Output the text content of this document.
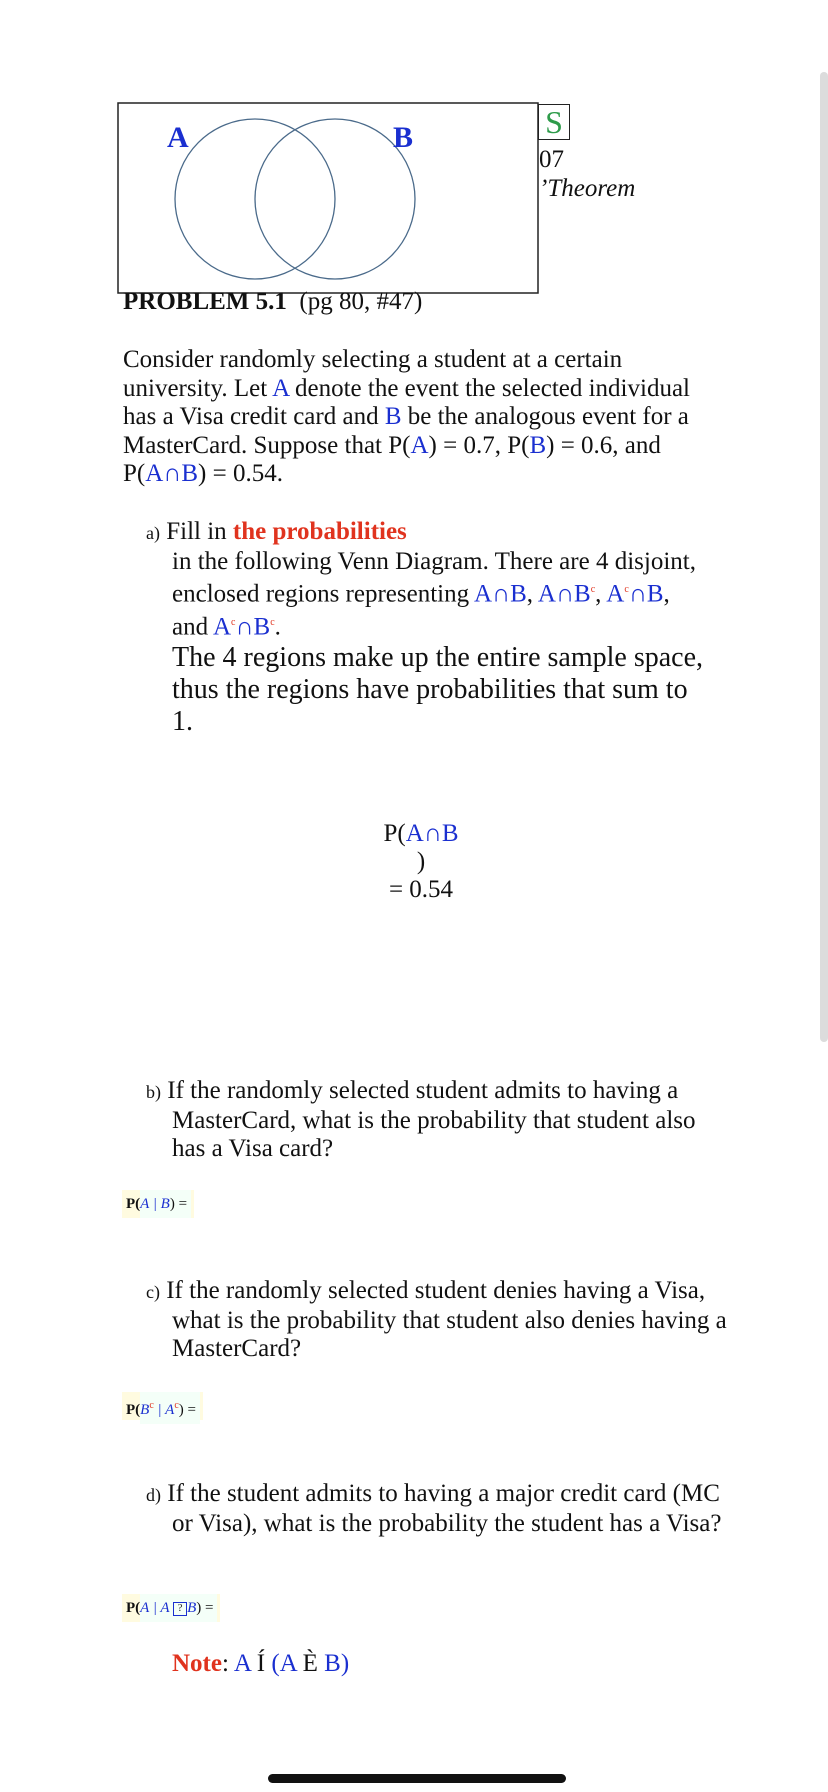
A	B	S
07
’Theorem
PROBLEM 5.1 (pg 80, #47)
Consider randomly selecting a student at a certain university. Let A denote the event the selected individual has a Visa credit card and B be the analogous event for a MasterCard. Suppose that P(A) = 0.7, P(B) = 0.6, and P(A∩B) = 0.54.
a) Fill in the probabilities
in the following Venn Diagram. There are 4 disjoint, enclosed regions representing A∩B, $A\cap B^c$, $A^c\cap B$, and $A^c\cap B^c$.
The 4 regions make up the entire sample space, thus the regions have probabilities that sum to 1.
P(A∩B
)
= 0.54
b) If the randomly selected student admits to having a MasterCard, what is the probability that student also has a Visa card?
P(A | B) =
c) If the randomly selected student denies having a Visa, what is the probability that student also denies having a MasterCard?
$P(B^c$ | $A^c$) =
d) If the student admits to having a major credit card (MC or Visa), what is the probability the student has a Visa?
P(A | A ? B) =
Note: A Í (A È B)
